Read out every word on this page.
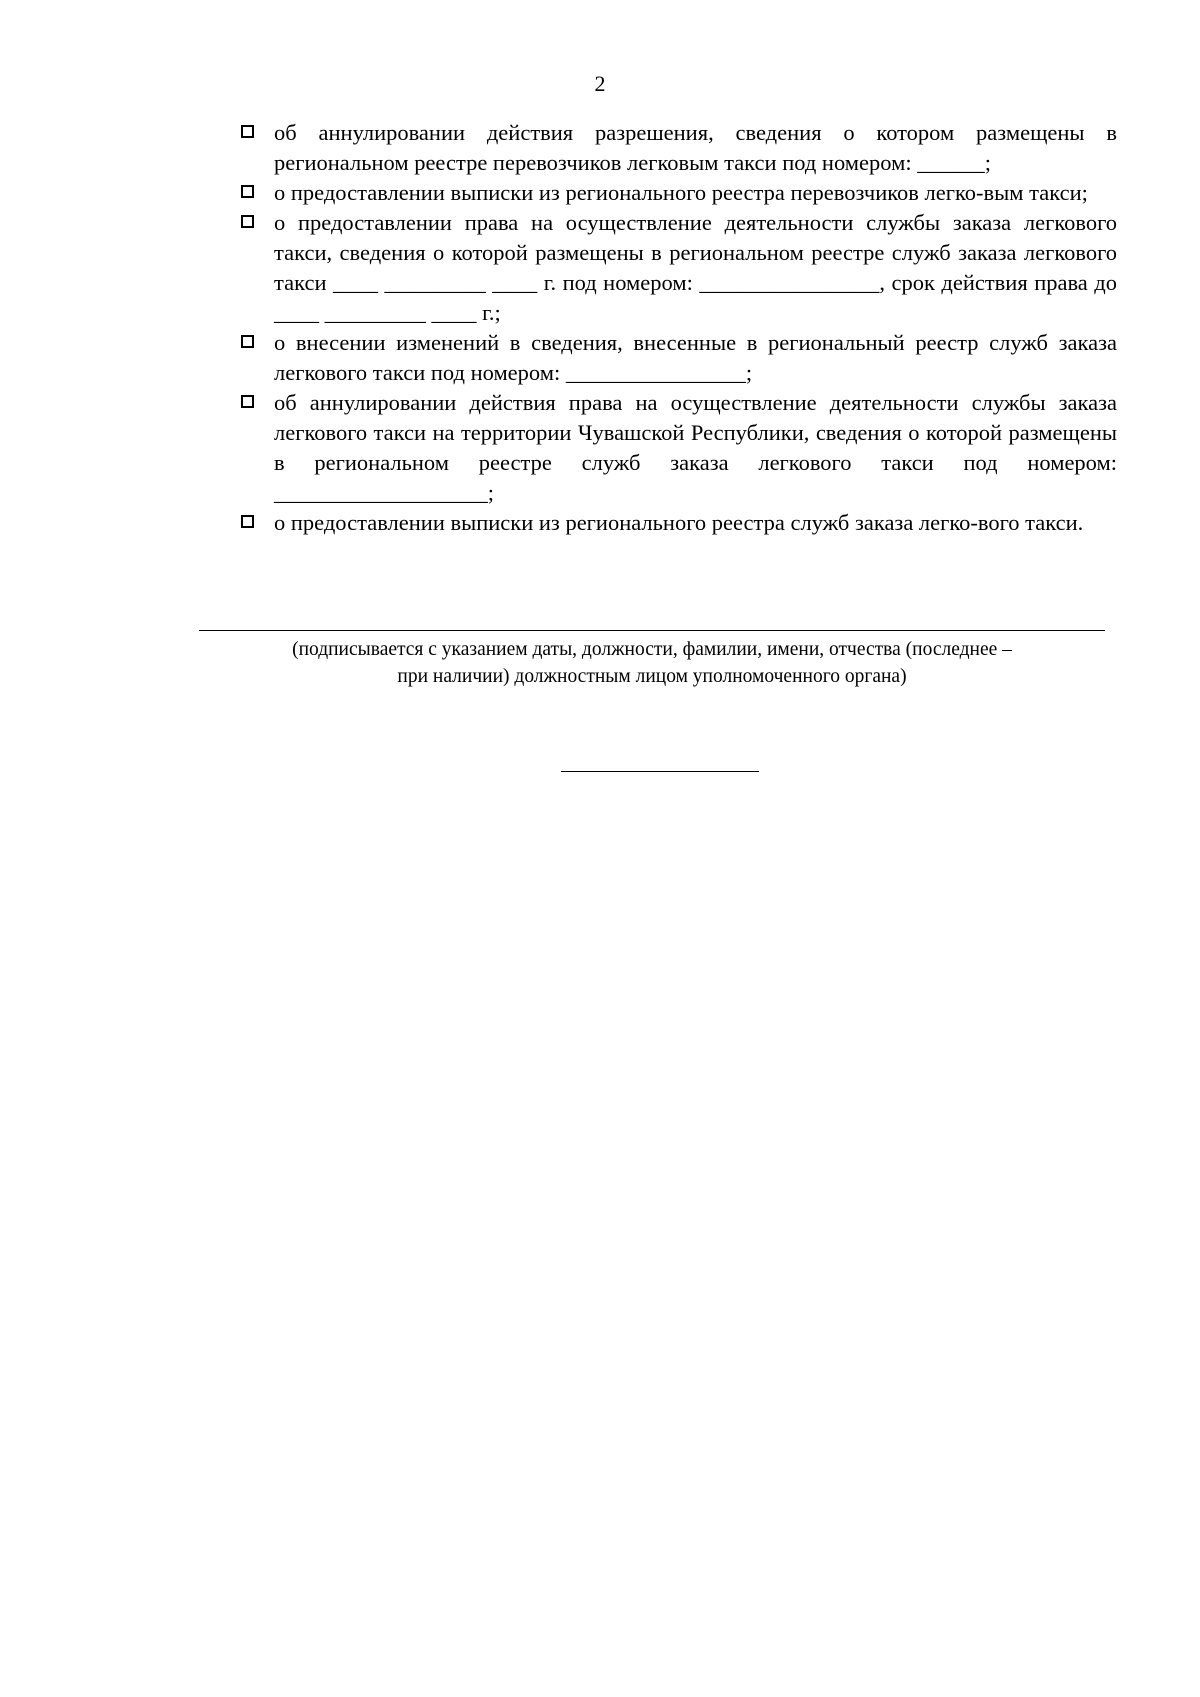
2
об аннулировании действия разрешения, сведения о котором размещены в региональном реестре перевозчиков легковым такси под номером: ______;
о предоставлении выписки из регионального реестра перевозчиков легко-вым такси;
о предоставлении права на осуществление деятельности службы заказа легкового такси, сведения о которой размещены в региональном реестре служб заказа легкового такси ____ _________ ____ г. под номером: ________________, срок действия права до ____ _________ ____ г.;
о внесении изменений в сведения, внесенные в региональный реестр служб заказа легкового такси под номером: ________________;
об аннулировании действия права на осуществление деятельности службы заказа легкового такси на территории Чувашской Республики, сведения о которой размещены в региональном реестре служб заказа легкового такси под номером: ___________________;
о предоставлении выписки из регионального реестра служб заказа легко-вого такси.
(подписывается с указанием даты, должности, фамилии, имени, отчества (последнее –
при наличии) должностным лицом уполномоченного органа)
